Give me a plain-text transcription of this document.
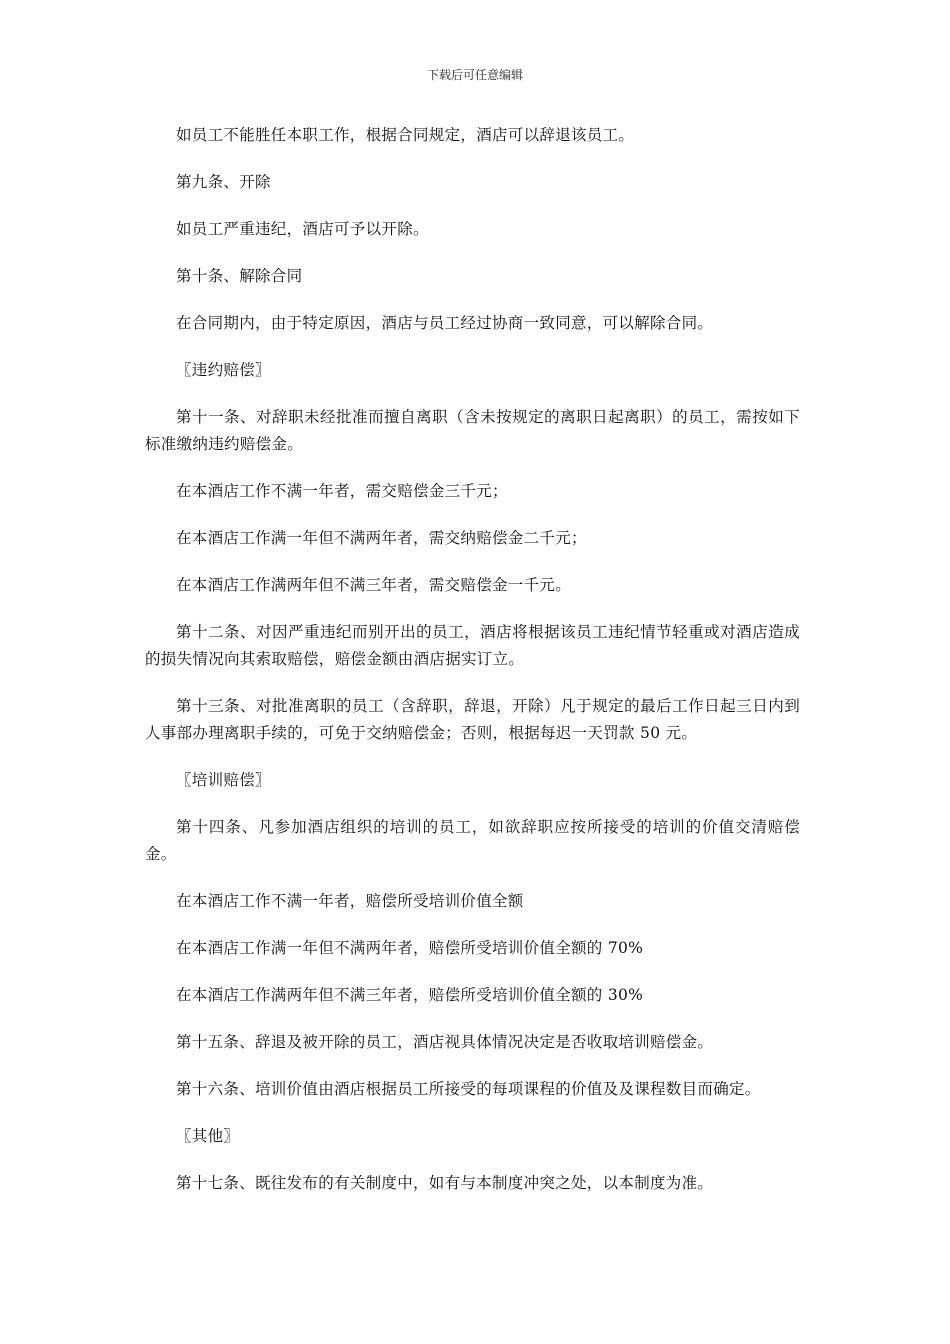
下载后可任意编辑

如员工不能胜任本职工作，根据合同规定，酒店可以辞退该员工。

第九条、开除

如员工严重违纪，酒店可予以开除。

第十条、解除合同

在合同期内，由于特定原因，酒店与员工经过协商一致同意，可以解除合同。

〖违约赔偿〗

第十一条、对辞职未经批准而擅自离职（含未按规定的离职日起离职）的员工，需按如下标准缴纳违约赔偿金。

在本酒店工作不满一年者，需交赔偿金三千元；

在本酒店工作满一年但不满两年者，需交纳赔偿金二千元；

在本酒店工作满两年但不满三年者，需交赔偿金一千元。

第十二条、对因严重违纪而别开出的员工，酒店将根据该员工违纪情节轻重或对酒店造成的损失情况向其索取赔偿，赔偿金额由酒店据实订立。

第十三条、对批准离职的员工（含辞职，辞退，开除）凡于规定的最后工作日起三日内到人事部办理离职手续的，可免于交纳赔偿金；否则，根据每迟一天罚款 50 元。

〖培训赔偿〗

第十四条、凡参加酒店组织的培训的员工，如欲辞职应按所接受的培训的价值交清赔偿金。

在本酒店工作不满一年者，赔偿所受培训价值全额

在本酒店工作满一年但不满两年者，赔偿所受培训价值全额的 70%

在本酒店工作满两年但不满三年者，赔偿所受培训价值全额的 30%

第十五条、辞退及被开除的员工，酒店视具体情况决定是否收取培训赔偿金。

第十六条、培训价值由酒店根据员工所接受的每项课程的价值及及课程数目而确定。

〖其他〗

第十七条、既往发布的有关制度中，如有与本制度冲突之处，以本制度为准。
